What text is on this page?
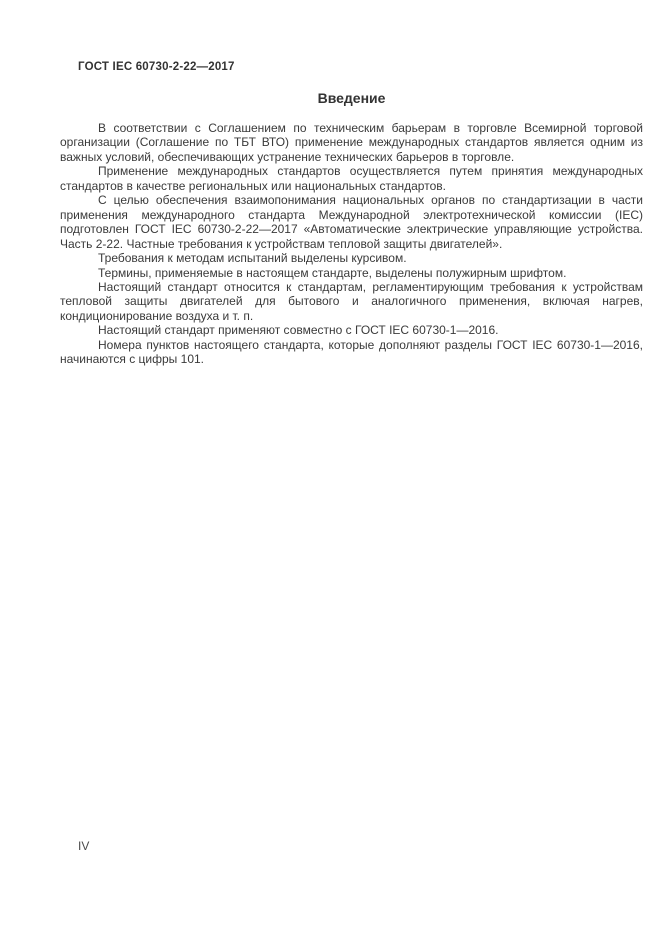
ГОСТ IEC 60730-2-22—2017
Введение

В соответствии с Соглашением по техническим барьерам в торговле Всемирной торговой организации (Соглашение по ТБТ ВТО) применение международных стандартов является одним из важных условий, обеспечивающих устранение технических барьеров в торговле.

Применение международных стандартов осуществляется путем принятия международных стандартов в качестве региональных или национальных стандартов.

С целью обеспечения взаимопонимания национальных органов по стандартизации в части применения международного стандарта Международной электротехнической комиссии (IEC) подготовлен ГОСТ IEC 60730-2-22—2017 «Автоматические электрические управляющие устройства. Часть 2-22. Частные требования к устройствам тепловой защиты двигателей».

Требования к методам испытаний выделены курсивом.

Термины, применяемые в настоящем стандарте, выделены полужирным шрифтом.

Настоящий стандарт относится к стандартам, регламентирующим требования к устройствам тепловой защиты двигателей для бытового и аналогичного применения, включая нагрев, кондиционирование воздуха и т. п.

Настоящий стандарт применяют совместно с ГОСТ IEC 60730-1—2016.

Номера пунктов настоящего стандарта, которые дополняют разделы ГОСТ IEC 60730-1—2016, начинаются с цифры 101.

IV
